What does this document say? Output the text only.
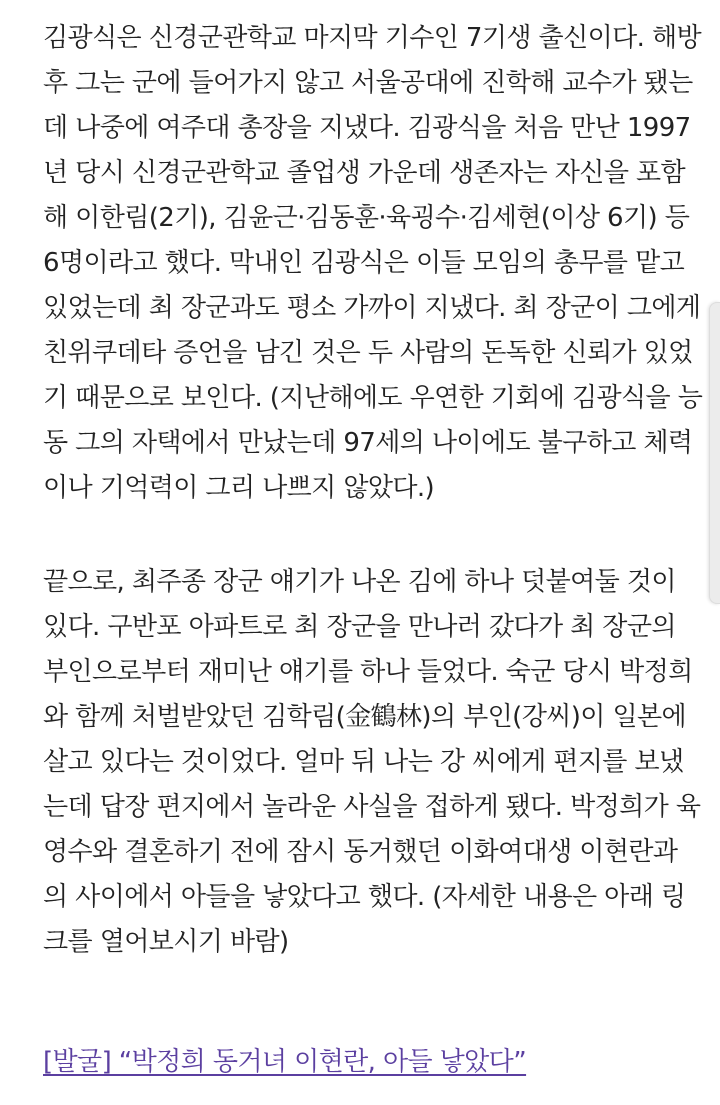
김광식은 신경군관학교 마지막 기수인 7기생 출신이다. 해방
후 그는 군에 들어가지 않고 서울공대에 진학해 교수가 됐는
데 나중에 여주대 총장을 지냈다. 김광식을 처음 만난 1997
년 당시 신경군관학교 졸업생 가운데 생존자는 자신을 포함
해 이한림(2기), 김윤근·김동훈·육굉수·김세현(이상 6기) 등
6명이라고 했다. 막내인 김광식은 이들 모임의 총무를 맡고
있었는데 최 장군과도 평소 가까이 지냈다. 최 장군이 그에게
친위쿠데타 증언을 남긴 것은 두 사람의 돈독한 신뢰가 있었
기 때문으로 보인다. (지난해에도 우연한 기회에 김광식을 능
동 그의 자택에서 만났는데 97세의 나이에도 불구하고 체력
이나 기억력이 그리 나쁘지 않았다.)
끝으로, 최주종 장군 얘기가 나온 김에 하나 덧붙여둘 것이
있다. 구반포 아파트로 최 장군을 만나러 갔다가 최 장군의
부인으로부터 재미난 얘기를 하나 들었다. 숙군 당시 박정희
와 함께 처벌받았던 김학림(金鶴林)의 부인(강씨)이 일본에
살고 있다는 것이었다. 얼마 뒤 나는 강 씨에게 편지를 보냈
는데 답장 편지에서 놀라운 사실을 접하게 됐다. 박정희가 육
영수와 결혼하기 전에 잠시 동거했던 이화여대생 이현란과
의 사이에서 아들을 낳았다고 했다. (자세한 내용은 아래 링
크를 열어보시기 바람)
[발굴] “박정희 동거녀 이현란, 아들 낳았다”
